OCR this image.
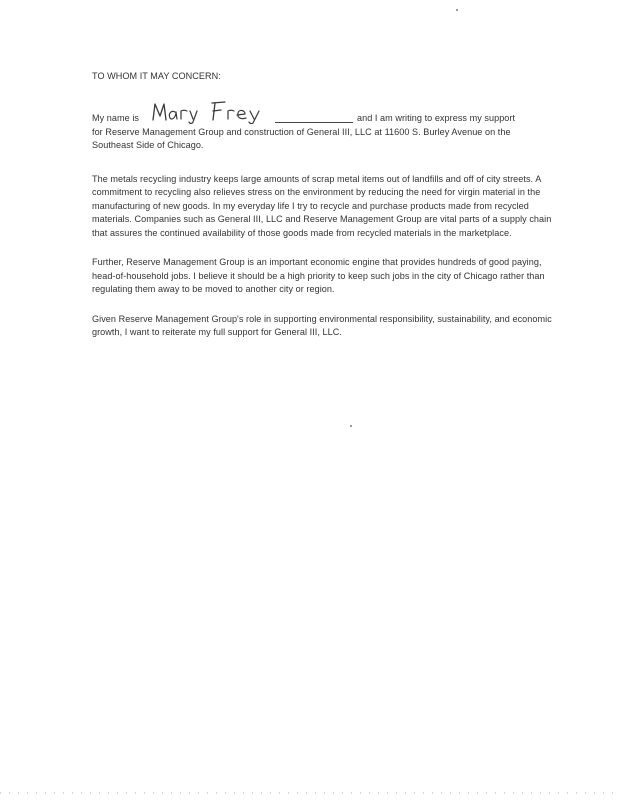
TO WHOM IT MAY CONCERN:
My name is	and I am writing to express my support
for Reserve Management Group and construction of General III, LLC at 11600 S. Burley Avenue on the Southeast Side of Chicago.

The metals recycling industry keeps large amounts of scrap metal items out of landfills and off of city streets. A commitment to recycling also relieves stress on the environment by reducing the need for virgin material in the manufacturing of new goods. In my everyday life I try to recycle and purchase products made from recycled materials. Companies such as General III, LLC and Reserve Management Group are vital parts of a supply chain that assures the continued availability of those goods made from recycled materials in the marketplace.

Further, Reserve Management Group is an important economic engine that provides hundreds of good paying, head-of-household jobs. I believe it should be a high priority to keep such jobs in the city of Chicago rather than regulating them away to be moved to another city or region.

Given Reserve Management Group's role in supporting environmental responsibility, sustainability, and economic growth, I want to reiterate my full support for General III, LLC.
